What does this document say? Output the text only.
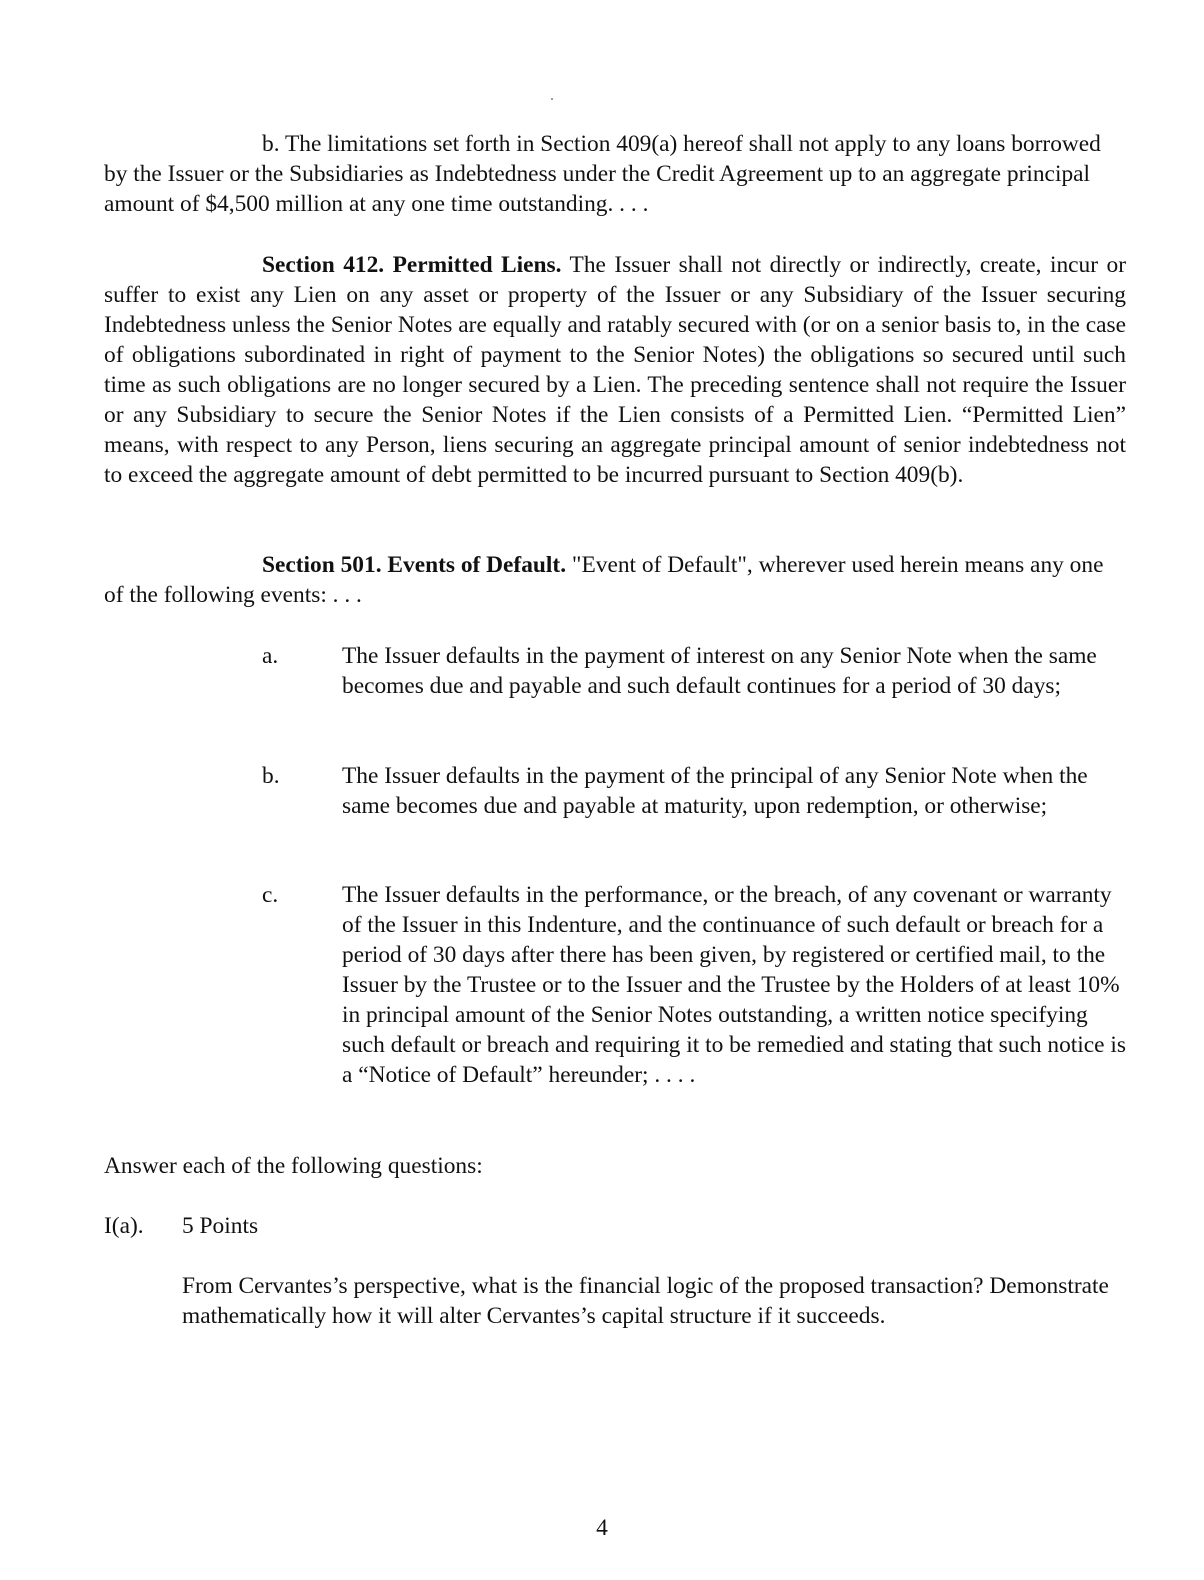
b. The limitations set forth in Section 409(a) hereof shall not apply to any loans borrowed by the Issuer or the Subsidiaries as Indebtedness under the Credit Agreement up to an aggregate principal amount of $4,500 million at any one time outstanding. . . .

Section 412. Permitted Liens. The Issuer shall not directly or indirectly, create, incur or suffer to exist any Lien on any asset or property of the Issuer or any Subsidiary of the Issuer securing Indebtedness unless the Senior Notes are equally and ratably secured with (or on a senior basis to, in the case of obligations subordinated in right of payment to the Senior Notes) the obligations so secured until such time as such obligations are no longer secured by a Lien. The preceding sentence shall not require the Issuer or any Subsidiary to secure the Senior Notes if the Lien consists of a Permitted Lien. “Permitted Lien” means, with respect to any Person, liens securing an aggregate principal amount of senior indebtedness not to exceed the aggregate amount of debt permitted to be incurred pursuant to Section 409(b).

Section 501. Events of Default. "Event of Default", wherever used herein means any one of the following events: . . .

a.	The Issuer defaults in the payment of interest on any Senior Note when the same becomes due and payable and such default continues for a period of 30 days;
b.	The Issuer defaults in the payment of the principal of any Senior Note when the same becomes due and payable at maturity, upon redemption, or otherwise;
c.	The Issuer defaults in the performance, or the breach, of any covenant or warranty of the Issuer in this Indenture, and the continuance of such default or breach for a period of 30 days after there has been given, by registered or certified mail, to the Issuer by the Trustee or to the Issuer and the Trustee by the Holders of at least 10% in principal amount of the Senior Notes outstanding, a written notice specifying such default or breach and requiring it to be remedied and stating that such notice is a “Notice of Default” hereunder; . . . .

Answer each of the following questions:

I(a). 5 Points

From Cervantes’s perspective, what is the financial logic of the proposed transaction? Demonstrate mathematically how it will alter Cervantes’s capital structure if it succeeds.

4
